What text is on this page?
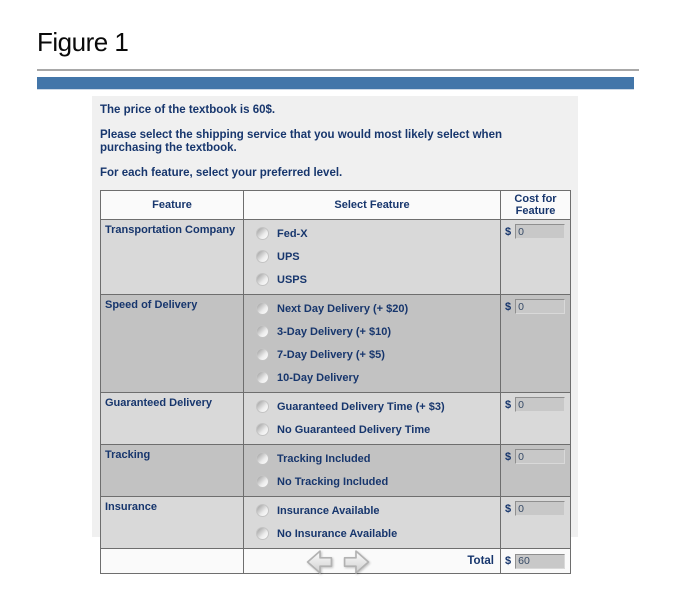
Figure 1

The price of the textbook is 60$.

Please select the shipping service that you would most likely select when purchasing the textbook.

For each feature, select your preferred level.

Feature	Select Feature	Cost for Feature
Transportation Company	Fed-X
UPS
USPS	$
0

Speed of Delivery	Next Day Delivery (+ $20)
3-Day Delivery (+ $10)
7-Day Delivery (+ $5)
10-Day Delivery	$
0

Guaranteed Delivery	Guaranteed Delivery Time (+ $3)
No Guaranteed Delivery Time	$
0

Tracking	Tracking Included
No Tracking Included	$
0

Insurance	Insurance Available
No Insurance Available	$
0

	Total	$
60
